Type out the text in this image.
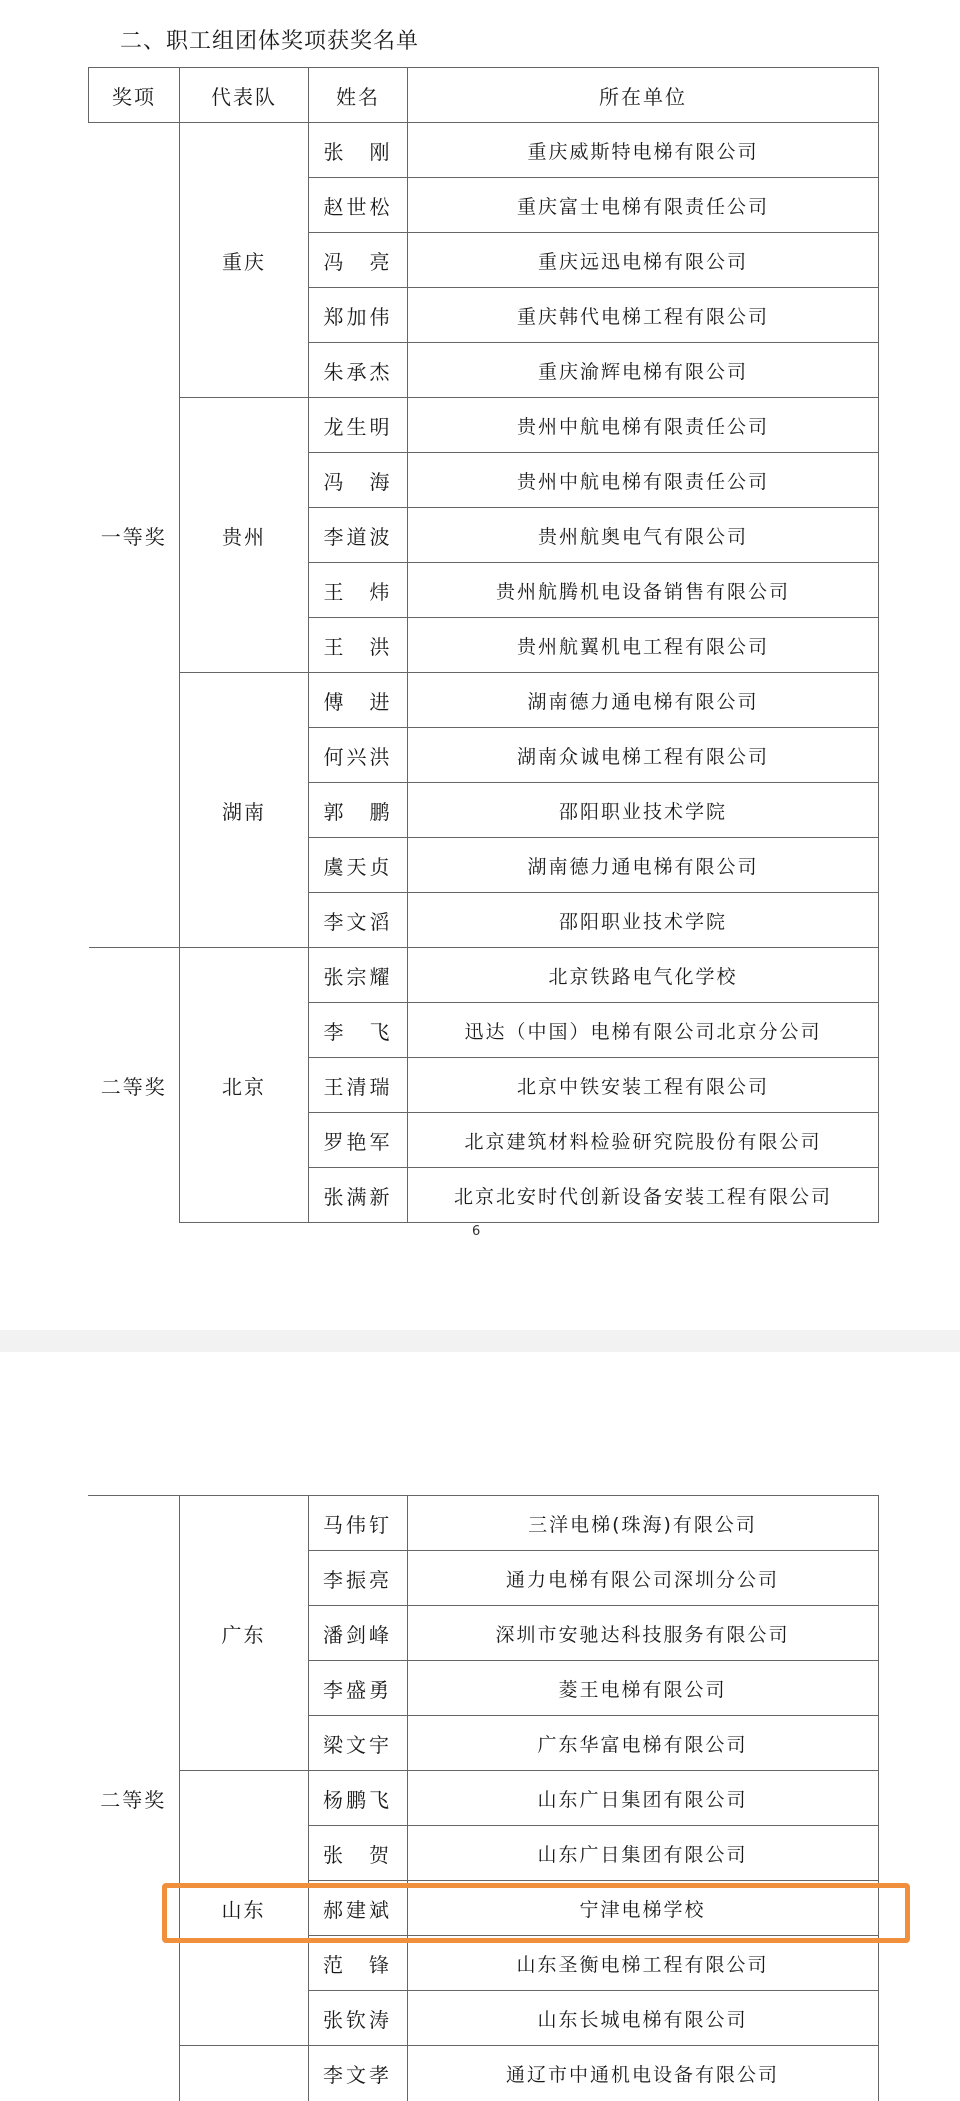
二、职工组团体奖项获奖名单
奖项	代表队	姓名	所在单位
一等奖	重庆	张　刚	重庆威斯特电梯有限公司
		赵世松	重庆富士电梯有限责任公司
		冯　亮	重庆远迅电梯有限公司
		郑加伟	重庆韩代电梯工程有限公司
		朱承杰	重庆渝辉电梯有限公司
	贵州	龙生明	贵州中航电梯有限责任公司
		冯　海	贵州中航电梯有限责任公司
		李道波	贵州航奥电气有限公司
		王　炜	贵州航腾机电设备销售有限公司
		王　洪	贵州航翼机电工程有限公司
	湖南	傅　进	湖南德力通电梯有限公司
		何兴洪	湖南众诚电梯工程有限公司
		郭　鹏	邵阳职业技术学院
		虞天贞	湖南德力通电梯有限公司
		李文滔	邵阳职业技术学院
二等奖	北京	张宗耀	北京铁路电气化学校
		李　飞	迅达（中国）电梯有限公司北京分公司
		王清瑞	北京中铁安装工程有限公司
		罗艳军	北京建筑材料检验研究院股份有限公司
		张满新	北京北安时代创新设备安装工程有限公司
6
二等奖	广东	马伟钉	三洋电梯(珠海)有限公司
		李振亮	通力电梯有限公司深圳分公司
		潘剑峰	深圳市安驰达科技服务有限公司
		李盛勇	菱王电梯有限公司
		梁文宇	广东华富电梯有限公司
	山东	杨鹏飞	山东广日集团有限公司
		张　贺	山东广日集团有限公司
		郝建斌	宁津电梯学校
		范　锋	山东圣衡电梯工程有限公司
		张钦涛	山东长城电梯有限公司
		李文孝	通辽市中通机电设备有限公司
